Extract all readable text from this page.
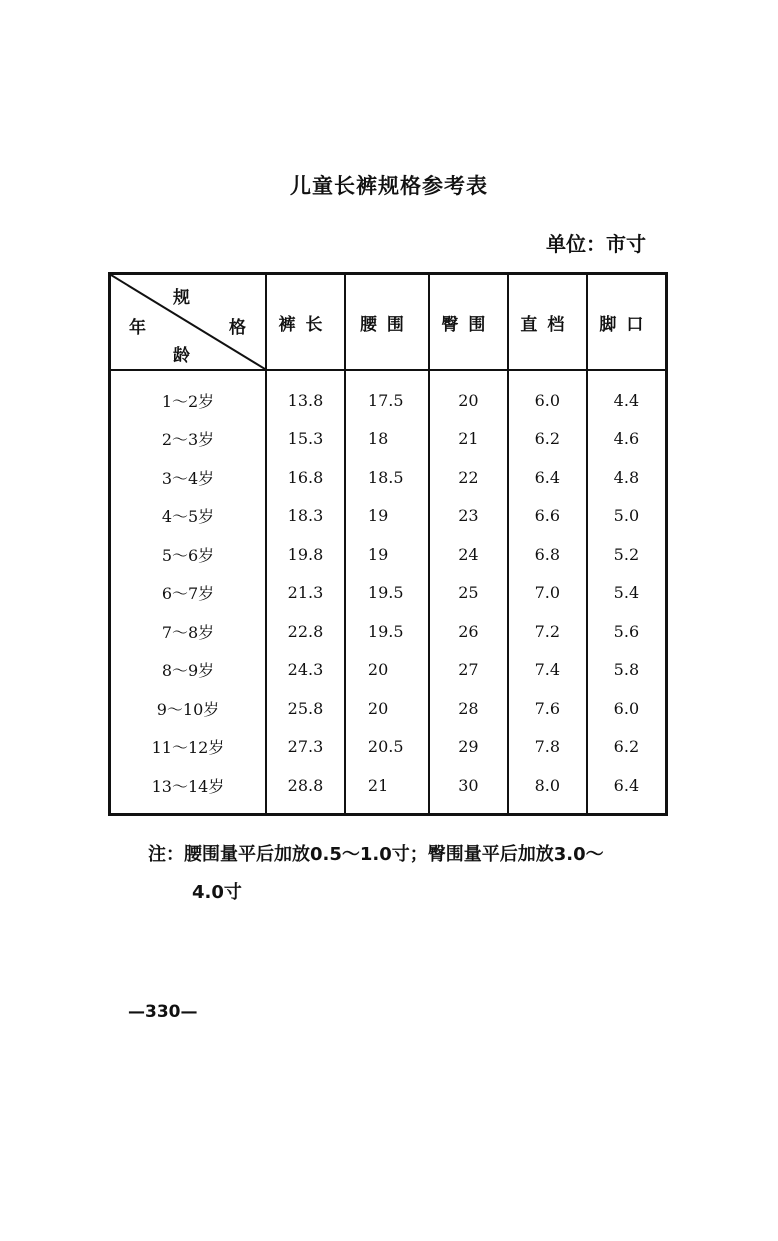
儿童长裤规格参考表
单位：市寸
规
格
年
龄	裤长	腰围	臀围	直档	脚口
1～2岁	13.8	17.5	20	6.0	4.4
2～3岁	15.3	18	21	6.2	4.6
3～4岁	16.8	18.5	22	6.4	4.8
4～5岁	18.3	19	23	6.6	5.0
5～6岁	19.8	19	24	6.8	5.2
6～7岁	21.3	19.5	25	7.0	5.4
7～8岁	22.8	19.5	26	7.2	5.6
8～9岁	24.3	20	27	7.4	5.8
9～10岁	25.8	20	28	7.6	6.0
11～12岁	27.3	20.5	29	7.8	6.2
13～14岁	28.8	21	30	8.0	6.4
注：腰围量平后加放0.5～1.0寸；臀围量平后加放3.0～
4.0寸
—330—
